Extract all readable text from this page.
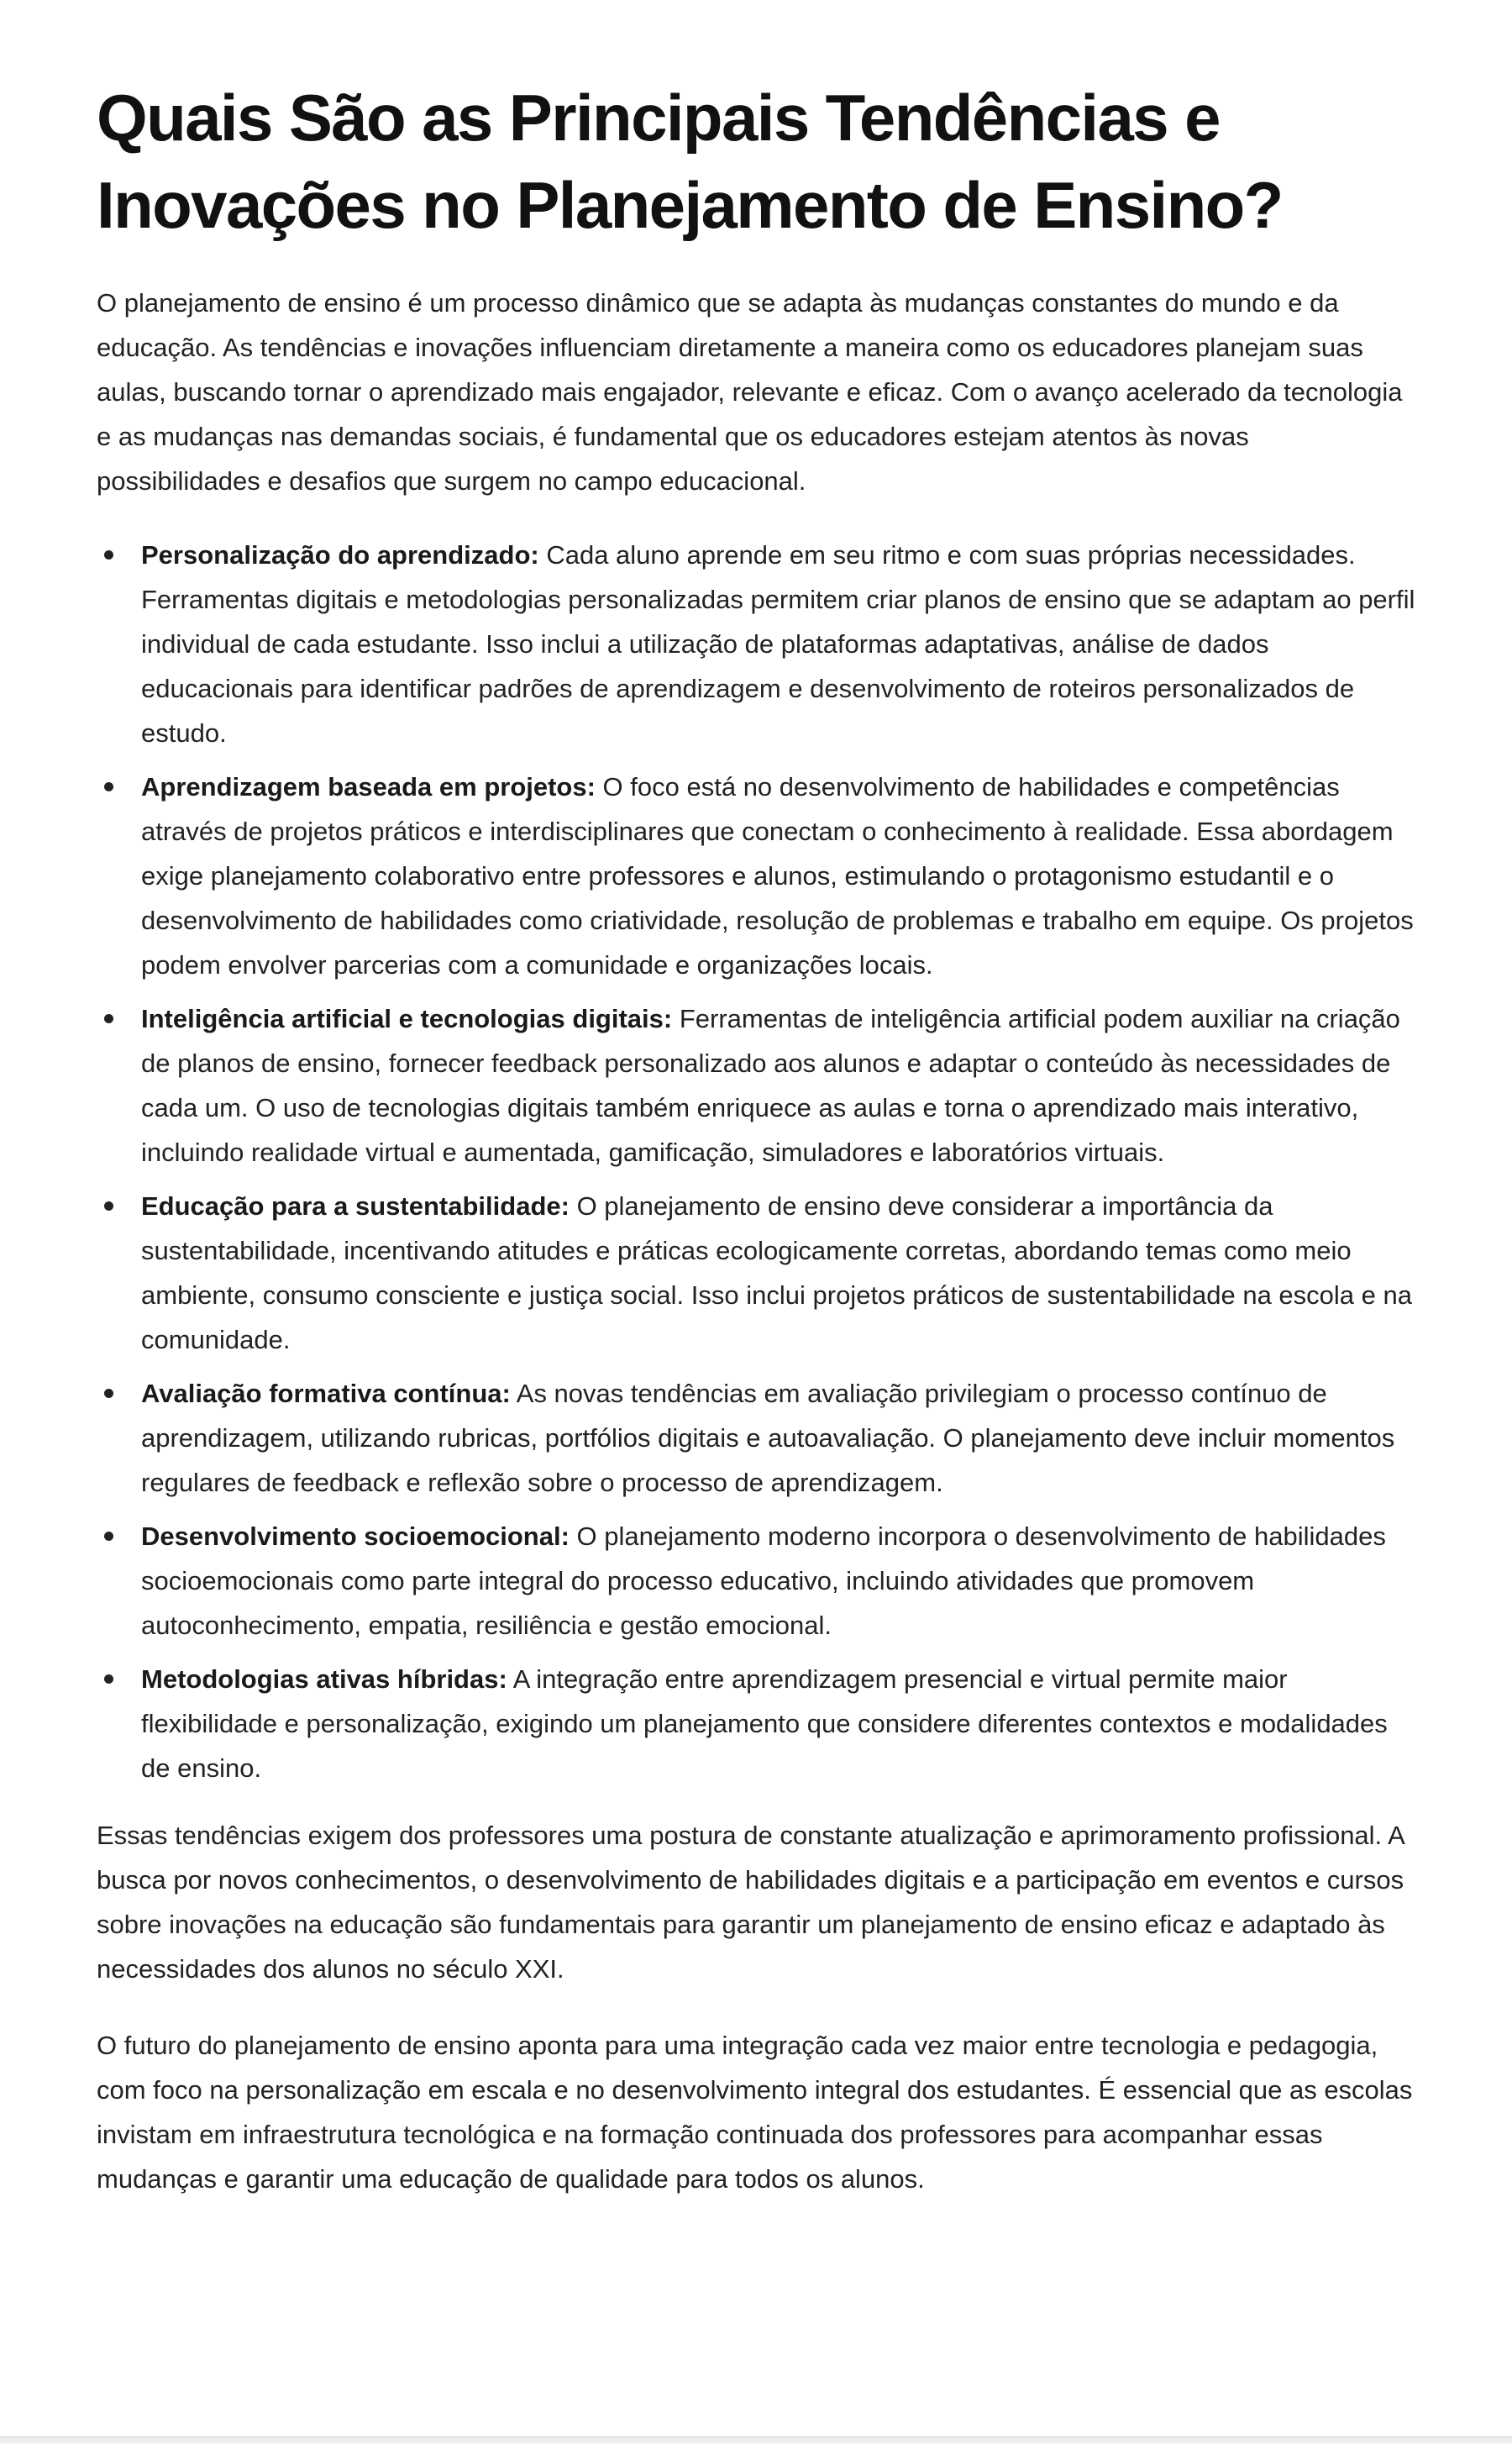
Quais São as Principais Tendências e Inovações no Planejamento de Ensino?

O planejamento de ensino é um processo dinâmico que se adapta às mudanças constantes do mundo e da educação. As tendências e inovações influenciam diretamente a maneira como os educadores planejam suas aulas, buscando tornar o aprendizado mais engajador, relevante e eficaz. Com o avanço acelerado da tecnologia e as mudanças nas demandas sociais, é fundamental que os educadores estejam atentos às novas possibilidades e desafios que surgem no campo educacional.

Personalização do aprendizado: Cada aluno aprende em seu ritmo e com suas próprias necessidades. Ferramentas digitais e metodologias personalizadas permitem criar planos de ensino que se adaptam ao perfil individual de cada estudante. Isso inclui a utilização de plataformas adaptativas, análise de dados educacionais para identificar padrões de aprendizagem e desenvolvimento de roteiros personalizados de estudo.
Aprendizagem baseada em projetos: O foco está no desenvolvimento de habilidades e competências através de projetos práticos e interdisciplinares que conectam o conhecimento à realidade. Essa abordagem exige planejamento colaborativo entre professores e alunos, estimulando o protagonismo estudantil e o desenvolvimento de habilidades como criatividade, resolução de problemas e trabalho em equipe. Os projetos podem envolver parcerias com a comunidade e organizações locais.
Inteligência artificial e tecnologias digitais: Ferramentas de inteligência artificial podem auxiliar na criação de planos de ensino, fornecer feedback personalizado aos alunos e adaptar o conteúdo às necessidades de cada um. O uso de tecnologias digitais também enriquece as aulas e torna o aprendizado mais interativo, incluindo realidade virtual e aumentada, gamificação, simuladores e laboratórios virtuais.
Educação para a sustentabilidade: O planejamento de ensino deve considerar a importância da sustentabilidade, incentivando atitudes e práticas ecologicamente corretas, abordando temas como meio ambiente, consumo consciente e justiça social. Isso inclui projetos práticos de sustentabilidade na escola e na comunidade.
Avaliação formativa contínua: As novas tendências em avaliação privilegiam o processo contínuo de aprendizagem, utilizando rubricas, portfólios digitais e autoavaliação. O planejamento deve incluir momentos regulares de feedback e reflexão sobre o processo de aprendizagem.
Desenvolvimento socioemocional: O planejamento moderno incorpora o desenvolvimento de habilidades socioemocionais como parte integral do processo educativo, incluindo atividades que promovem autoconhecimento, empatia, resiliência e gestão emocional.
Metodologias ativas híbridas: A integração entre aprendizagem presencial e virtual permite maior flexibilidade e personalização, exigindo um planejamento que considere diferentes contextos e modalidades de ensino.

Essas tendências exigem dos professores uma postura de constante atualização e aprimoramento profissional. A busca por novos conhecimentos, o desenvolvimento de habilidades digitais e a participação em eventos e cursos sobre inovações na educação são fundamentais para garantir um planejamento de ensino eficaz e adaptado às necessidades dos alunos no século XXI.

O futuro do planejamento de ensino aponta para uma integração cada vez maior entre tecnologia e pedagogia, com foco na personalização em escala e no desenvolvimento integral dos estudantes. É essencial que as escolas invistam em infraestrutura tecnológica e na formação continuada dos professores para acompanhar essas mudanças e garantir uma educação de qualidade para todos os alunos.
